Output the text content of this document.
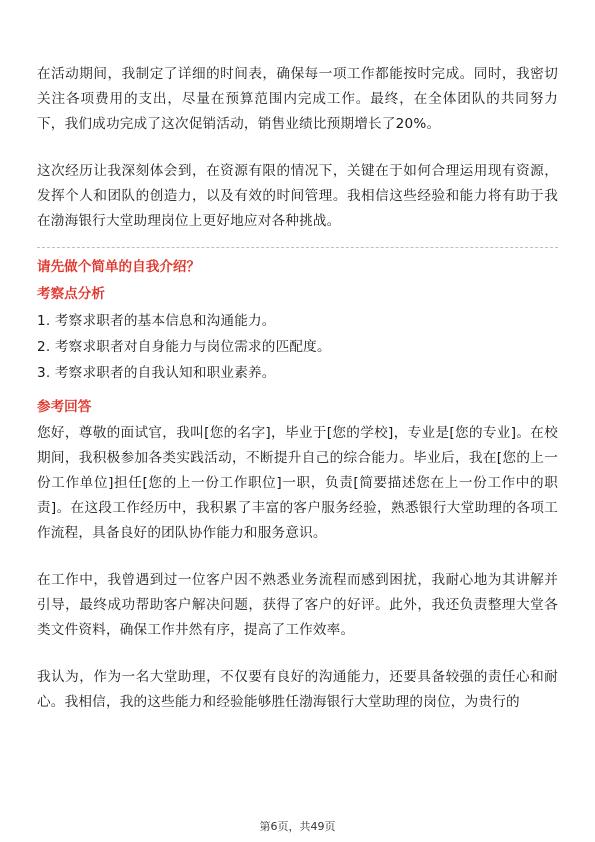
在活动期间，我制定了详细的时间表，确保每一项工作都能按时完成。同时，我密切关注各项费用的支出，尽量在预算范围内完成工作。最终，在全体团队的共同努力下，我们成功完成了这次促销活动，销售业绩比预期增长了20%。

这次经历让我深刻体会到，在资源有限的情况下，关键在于如何合理运用现有资源，发挥个人和团队的创造力，以及有效的时间管理。我相信这些经验和能力将有助于我在渤海银行大堂助理岗位上更好地应对各种挑战。

请先做个简单的自我介绍？

考察点分析

1. 考察求职者的基本信息和沟通能力。
2. 考察求职者对自身能力与岗位需求的匹配度。
3. 考察求职者的自我认知和职业素养。

参考回答

您好，尊敬的面试官，我叫[您的名字]，毕业于[您的学校]，专业是[您的专业]。在校期间，我积极参加各类实践活动，不断提升自己的综合能力。毕业后，我在[您的上一份工作单位]担任[您的上一份工作职位]一职，负责[简要描述您在上一份工作中的职责]。在这段工作经历中，我积累了丰富的客户服务经验，熟悉银行大堂助理的各项工作流程，具备良好的团队协作能力和服务意识。

在工作中，我曾遇到过一位客户因不熟悉业务流程而感到困扰，我耐心地为其讲解并引导，最终成功帮助客户解决问题，获得了客户的好评。此外，我还负责整理大堂各类文件资料，确保工作井然有序，提高了工作效率。

我认为，作为一名大堂助理，不仅要有良好的沟通能力，还要具备较强的责任心和耐心。我相信，我的这些能力和经验能够胜任渤海银行大堂助理的岗位，为贵行的

第6页，共49页
